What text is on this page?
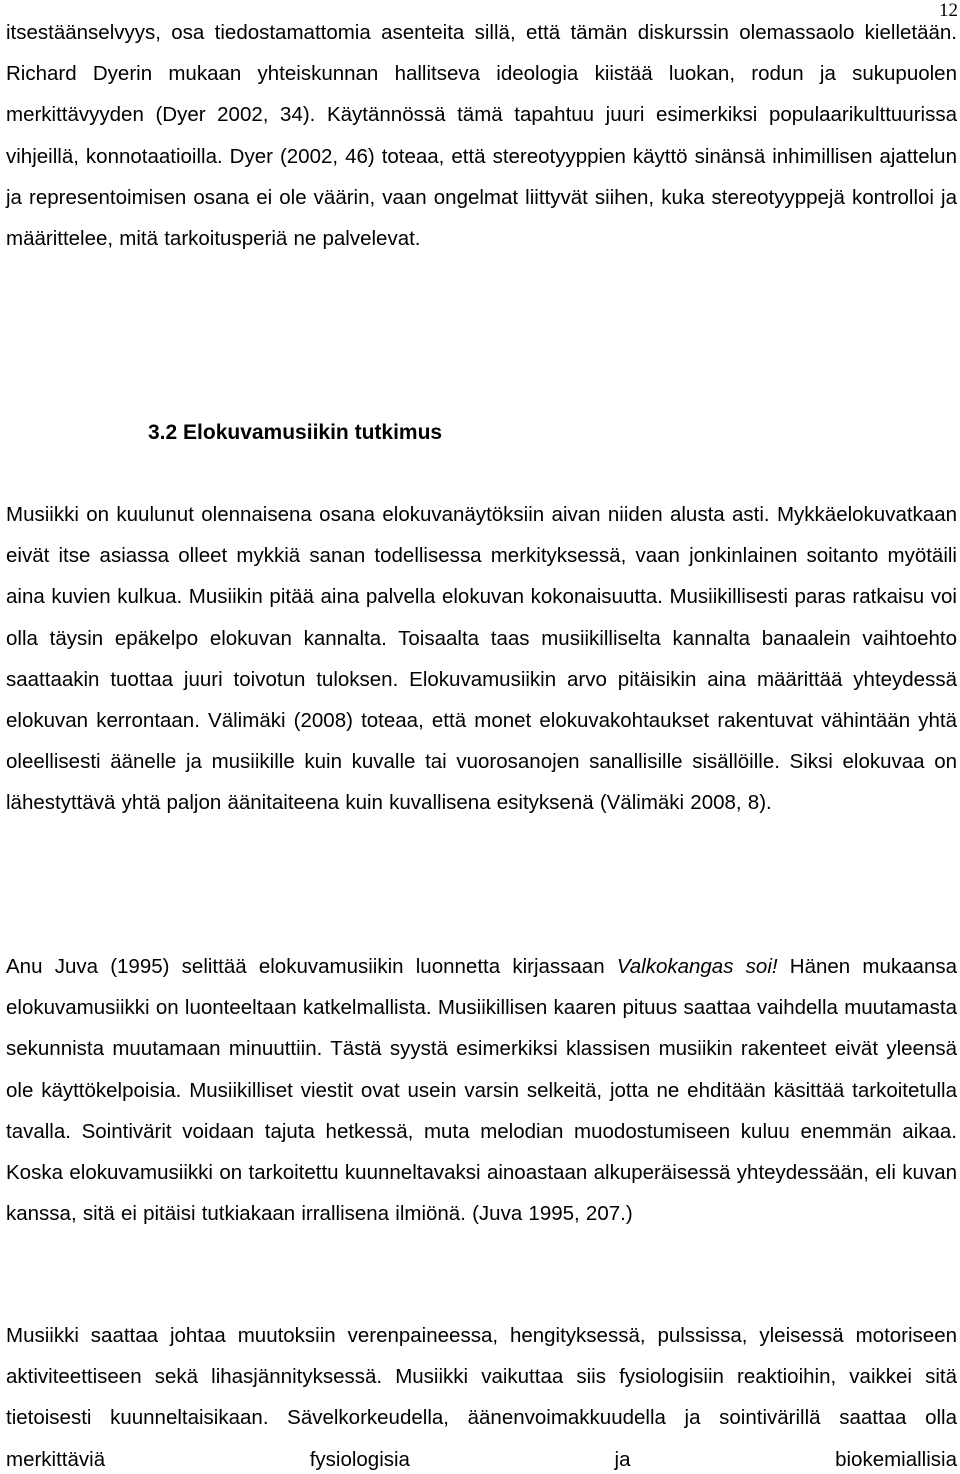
12

itsestäänselvyys, osa tiedostamattomia asenteita sillä, että tämän diskurssin olemassaolo kielletään. Richard Dyerin mukaan yhteiskunnan hallitseva ideologia kiistää luokan, rodun ja sukupuolen merkittävyyden (Dyer 2002, 34). Käytännössä tämä tapahtuu juuri esimerkiksi populaarikulttuurissa vihjeillä, konnotaatioilla. Dyer (2002, 46) toteaa, että stereotyyppien käyttö sinänsä inhimillisen ajattelun ja representoimisen osana ei ole väärin, vaan ongelmat liittyvät siihen, kuka stereotyyppejä kontrolloi ja määrittelee, mitä tarkoitusperiä ne palvelevat.

3.2 Elokuvamusiikin tutkimus

Musiikki on kuulunut olennaisena osana elokuvanäytöksiin aivan niiden alusta asti. Mykkäelokuvatkaan eivät itse asiassa olleet mykkiä sanan todellisessa merkityksessä, vaan jonkinlainen soitanto myötäili aina kuvien kulkua. Musiikin pitää aina palvella elokuvan kokonaisuutta. Musiikillisesti paras ratkaisu voi olla täysin epäkelpo elokuvan kannalta. Toisaalta taas musiikilliselta kannalta banaalein vaihtoehto saattaakin tuottaa juuri toivotun tuloksen. Elokuvamusiikin arvo pitäisikin aina määrittää yhteydessä elokuvan kerrontaan. Välimäki (2008) toteaa, että monet elokuvakohtaukset rakentuvat vähintään yhtä oleellisesti äänelle ja musiikille kuin kuvalle tai vuorosanojen sanallisille sisällöille. Siksi elokuvaa on lähestyttävä yhtä paljon äänitaiteena kuin kuvallisena esityksenä (Välimäki 2008, 8).

Anu Juva (1995) selittää elokuvamusiikin luonnetta kirjassaan Valkokangas soi! Hänen mukaansa elokuvamusiikki on luonteeltaan katkelmallista. Musiikillisen kaaren pituus saattaa vaihdella muutamasta sekunnista muutamaan minuuttiin. Tästä syystä esimerkiksi klassisen musiikin rakenteet eivät yleensä ole käyttökelpoisia. Musiikilliset viestit ovat usein varsin selkeitä, jotta ne ehditään käsittää tarkoitetulla tavalla. Sointivärit voidaan tajuta hetkessä, muta melodian muodostumiseen kuluu enemmän aikaa. Koska elokuvamusiikki on tarkoitettu kuunneltavaksi ainoastaan alkuperäisessä yhteydessään, eli kuvan kanssa, sitä ei pitäisi tutkiakaan irrallisena ilmiönä. (Juva 1995, 207.)

Musiikki saattaa johtaa muutoksiin verenpaineessa, hengityksessä, pulssissa, yleisessä motoriseen aktiviteettiseen sekä lihasjännityksessä. Musiikki vaikuttaa siis fysiologisiin reaktioihin, vaikkei sitä tietoisesti kuunneltaisikaan. Sävelkorkeudella, äänenvoimakkuudella ja sointivärillä saattaa olla merkittäviä fysiologisia ja biokemiallisia
